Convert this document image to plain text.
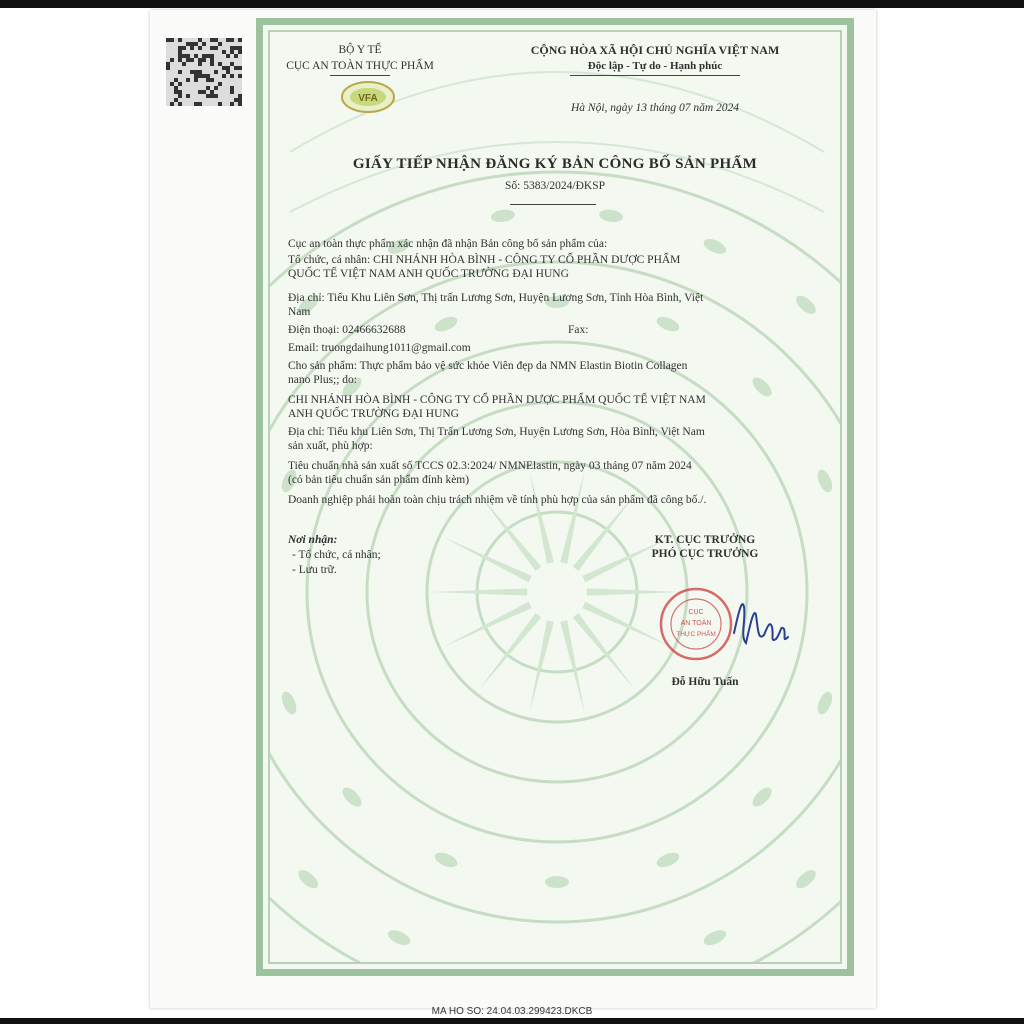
BỘ Y TẾ
CỤC AN TOÀN THỰC PHẨM
VFA
CỘNG HÒA XÃ HỘI CHỦ NGHĨA VIỆT NAM
Độc lập - Tự do - Hạnh phúc
Hà Nội, ngày 13 tháng 07 năm 2024
GIẤY TIẾP NHẬN ĐĂNG KÝ BẢN CÔNG BỐ SẢN PHẨM
Số: 5383/2024/ĐKSP
Cục an toàn thực phẩm xác nhận đã nhận Bản công bố sản phẩm của:
Tổ chức, cá nhân: CHI NHÁNH HÒA BÌNH - CÔNG TY CỔ PHẦN DƯỢC PHẨM
QUỐC TẾ VIỆT NAM ANH QUỐC TRƯỜNG ĐẠI HUNG
Địa chỉ: Tiểu Khu Liên Sơn, Thị trấn Lương Sơn, Huyện Lương Sơn, Tỉnh Hòa Bình, Việt
Nam
Điện thoại: 02466632688	Fax:
Email: truongdaihung1011@gmail.com
Cho sản phẩm: Thực phẩm bảo vệ sức khỏe Viên đẹp da NMN Elastin Biotin Collagen
nano Plus;; do:
CHI NHÁNH HÒA BÌNH - CÔNG TY CỔ PHẦN DƯỢC PHẨM QUỐC TẾ VIỆT NAM
ANH QUỐC TRƯỜNG ĐẠI HUNG
Địa chỉ: Tiểu khu Liên Sơn, Thị Trấn Lương Sơn, Huyện Lương Sơn, Hòa Bình, Việt Nam
sản xuất, phù hợp:
Tiêu chuẩn nhà sản xuất số TCCS 02.3:2024/ NMNElastin, ngày 03 tháng 07 năm 2024
(có bản tiêu chuẩn sản phẩm đính kèm)
Doanh nghiệp phải hoàn toàn chịu trách nhiệm về tính phù hợp của sản phẩm đã công bố./.
Nơi nhận:
- Tổ chức, cá nhân;
- Lưu trữ.
KT. CỤC TRƯỞNG
PHÓ CỤC TRƯỞNG
CỤC
AN TOÀN
THỰC PHẨM
Đỗ Hữu Tuấn
MA HO SO: 24.04.03.299423.DKCB
